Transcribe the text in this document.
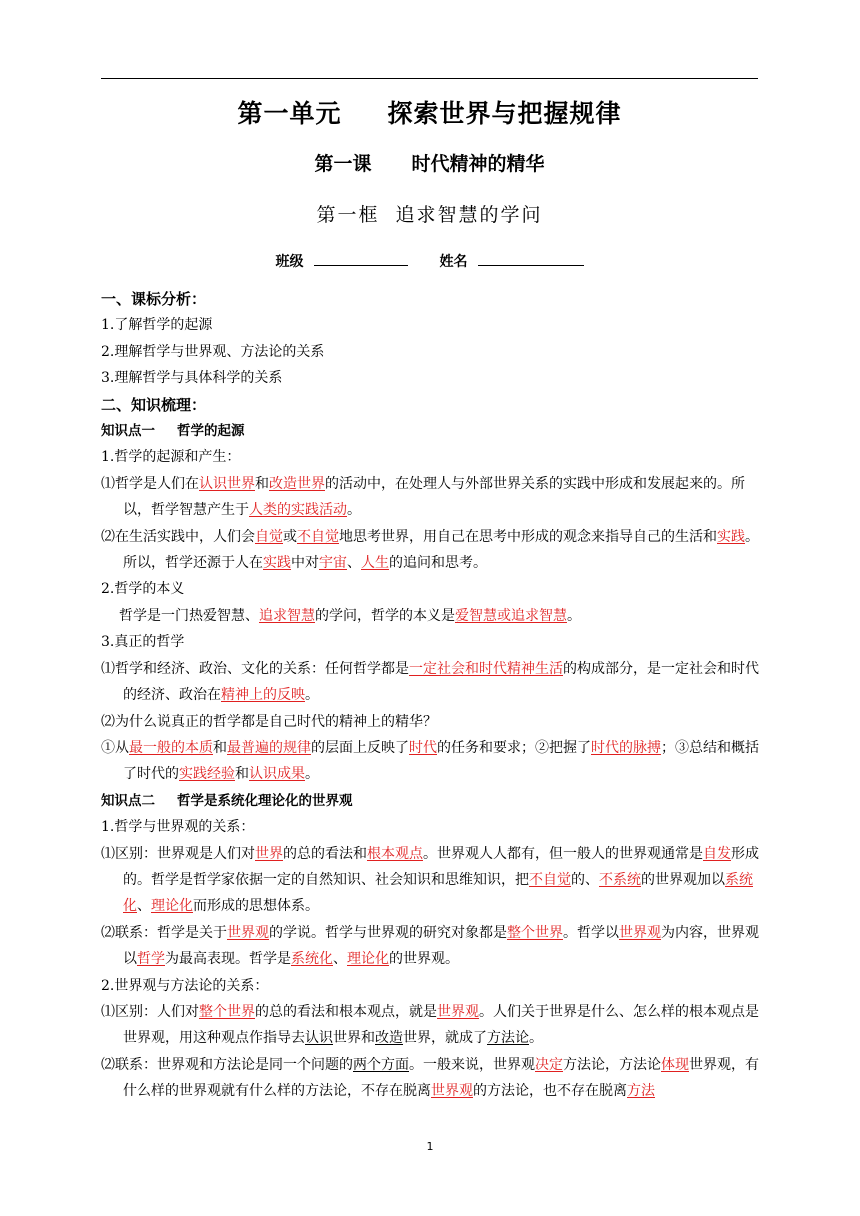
第一单元 探索世界与把握规律
第一课 时代精神的精华
第一框 追求智慧的学问
班级	姓名

一、课标分析：

1.了解哲学的起源

2.理解哲学与世界观、方法论的关系

3.理解哲学与具体科学的关系

二、知识梳理：

知识点一 哲学的起源

1.哲学的起源和产生：

⑴哲学是人们在认识世界和改造世界的活动中，在处理人与外部世界关系的实践中形成和发展起来的。所以，哲学智慧产生于人类的实践活动。

⑵在生活实践中，人们会自觉或不自觉地思考世界，用自己在思考中形成的观念来指导自己的生活和实践。所以，哲学还源于人在实践中对宇宙、人生的追问和思考。

2.哲学的本义

哲学是一门热爱智慧、追求智慧的学问，哲学的本义是爱智慧或追求智慧。

3.真正的哲学

⑴哲学和经济、政治、文化的关系：任何哲学都是一定社会和时代精神生活的构成部分，是一定社会和时代的经济、政治在精神上的反映。

⑵为什么说真正的哲学都是自己时代的精神上的精华？

①从最一般的本质和最普遍的规律的层面上反映了时代的任务和要求；②把握了时代的脉搏；③总结和概括了时代的实践经验和认识成果。

知识点二 哲学是系统化理论化的世界观

1.哲学与世界观的关系：

⑴区别：世界观是人们对世界的总的看法和根本观点。世界观人人都有，但一般人的世界观通常是自发形成的。哲学是哲学家依据一定的自然知识、社会知识和思维知识，把不自觉的、不系统的世界观加以系统化、理论化而形成的思想体系。

⑵联系：哲学是关于世界观的学说。哲学与世界观的研究对象都是整个世界。哲学以世界观为内容，世界观以哲学为最高表现。哲学是系统化、理论化的世界观。

2.世界观与方法论的关系：

⑴区别：人们对整个世界的总的看法和根本观点，就是世界观。人们关于世界是什么、怎么样的根本观点是世界观，用这种观点作指导去认识世界和改造世界，就成了方法论。

⑵联系：世界观和方法论是同一个问题的两个方面。一般来说，世界观决定方法论，方法论体现世界观，有什么样的世界观就有什么样的方法论，不存在脱离世界观的方法论，也不存在脱离方法

1
